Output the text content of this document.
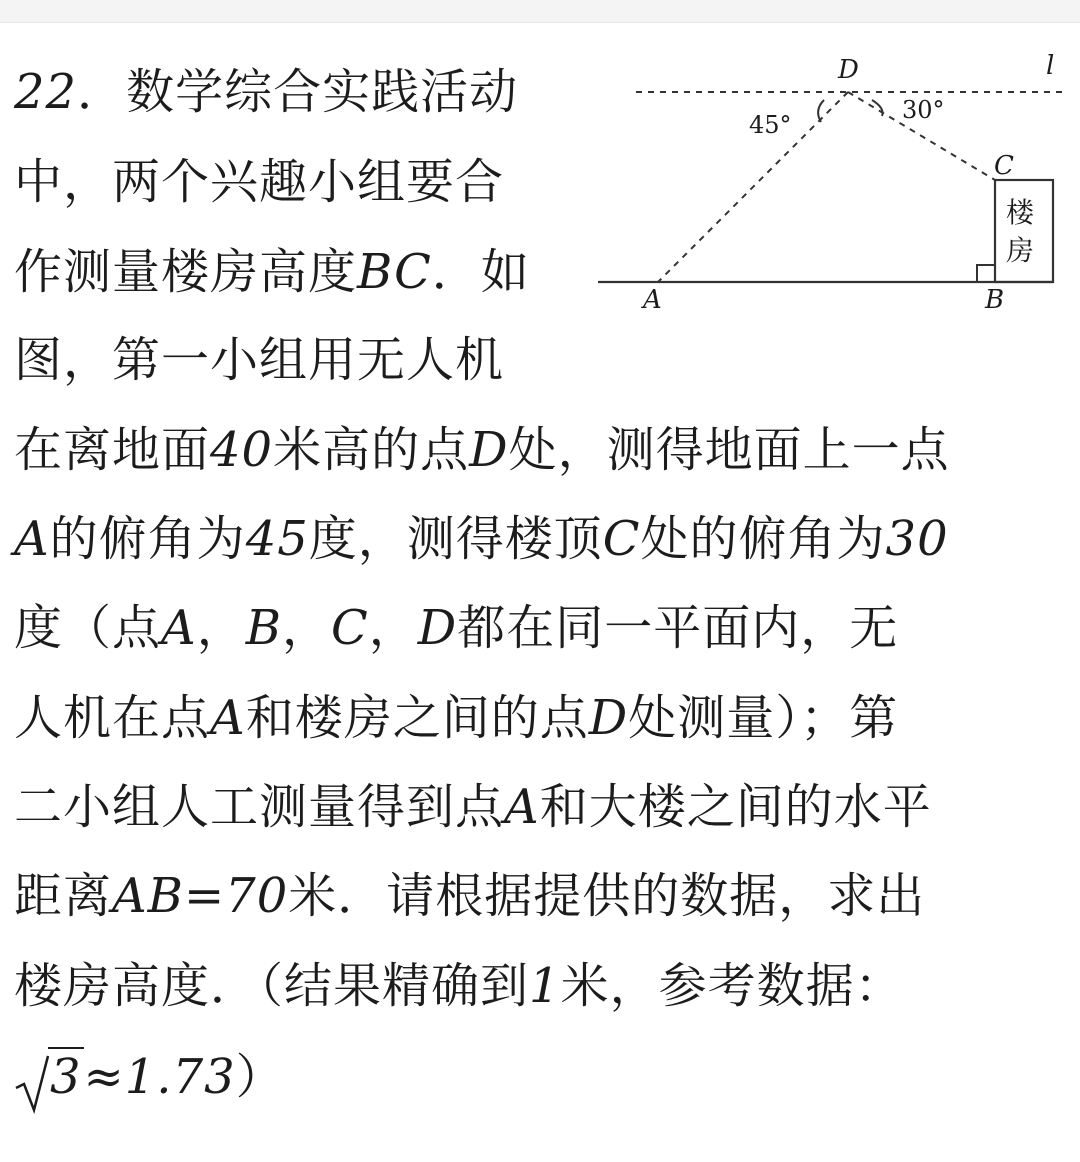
22．数学综合实践活动
中，两个兴趣小组要合
作测量楼房高度BC．如
图，第一小组用无人机
在离地面40米高的点D处，测得地面上一点
A的俯角为45度，测得楼顶C处的俯角为30
度（点A，B，C，D都在同一平面内，无
人机在点A和楼房之间的点D处测量）；第
二小组人工测量得到点A和大楼之间的水平
距离AB=70米．请根据提供的数据，求出
楼房高度．（结果精确到1米，参考数据：
3≈1.73）
D	l
C
A	B
45°
30°
楼
房
